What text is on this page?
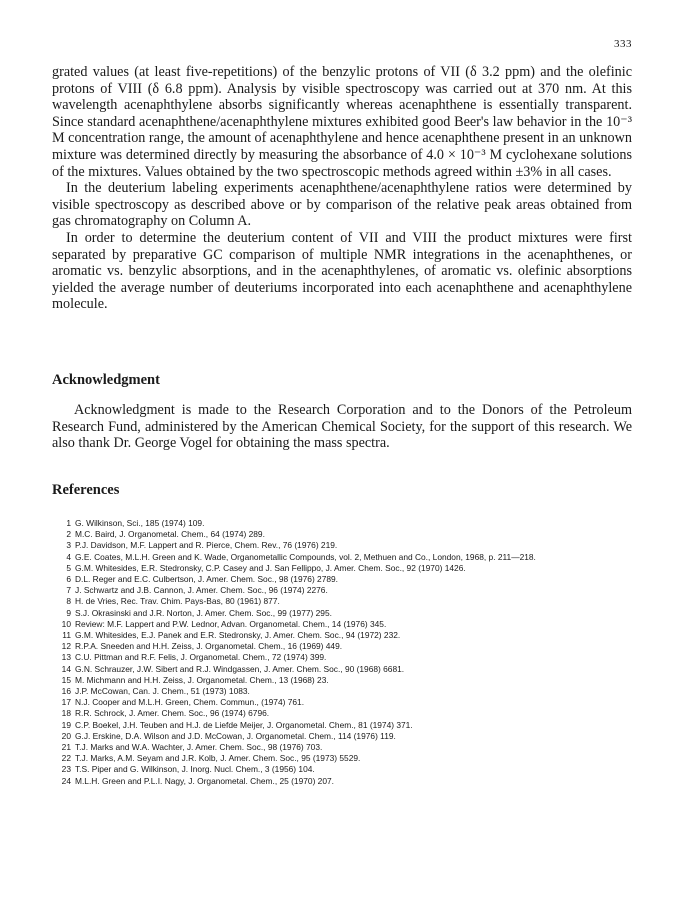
333

grated values (at least five-repetitions) of the benzylic protons of VII (δ 3.2 ppm) and the olefinic protons of VIII (δ 6.8 ppm). Analysis by visible spectroscopy was carried out at 370 nm. At this wavelength acenaphthylene absorbs significantly whereas acenaphthene is essentially transparent. Since standard acenaphthene/acenaphthylene mixtures exhibited good Beer's law behavior in the 10⁻³ M concentration range, the amount of acenaphthylene and hence acenaphthene present in an unknown mixture was determined directly by measuring the absorbance of 4.0 × 10⁻³ M cyclohexane solutions of the mixtures. Values obtained by the two spectroscopic methods agreed within ±3% in all cases.

In the deuterium labeling experiments acenaphthene/acenaphthylene ratios were determined by visible spectroscopy as described above or by comparison of the relative peak areas obtained from gas chromatography on Column A.

In order to determine the deuterium content of VII and VIII the product mixtures were first separated by preparative GC comparison of multiple NMR integrations in the acenaphthenes, or aromatic vs. benzylic absorptions, and in the acenaphthylenes, of aromatic vs. olefinic absorptions yielded the average number of deuteriums incorporated into each acenaphthene and acenaphthylene molecule.

Acknowledgment

Acknowledgment is made to the Research Corporation and to the Donors of the Petroleum Research Fund, administered by the American Chemical Society, for the support of this research. We also thank Dr. George Vogel for obtaining the mass spectra.

References
1 G. Wilkinson, Sci., 185 (1974) 109.
2 M.C. Baird, J. Organometal. Chem., 64 (1974) 289.
3 P.J. Davidson, M.F. Lappert and R. Pierce, Chem. Rev., 76 (1976) 219.
4 G.E. Coates, M.L.H. Green and K. Wade, Organometallic Compounds, vol. 2, Methuen and Co., London, 1968, p. 211—218.
5 G.M. Whitesides, E.R. Stedronsky, C.P. Casey and J. San Fellippo, J. Amer. Chem. Soc., 92 (1970) 1426.
6 D.L. Reger and E.C. Culbertson, J. Amer. Chem. Soc., 98 (1976) 2789.
7 J. Schwartz and J.B. Cannon, J. Amer. Chem. Soc., 96 (1974) 2276.
8 H. de Vries, Rec. Trav. Chim. Pays-Bas, 80 (1961) 877.
9 S.J. Okrasinski and J.R. Norton, J. Amer. Chem. Soc., 99 (1977) 295.
10 Review: M.F. Lappert and P.W. Lednor, Advan. Organometal. Chem., 14 (1976) 345.
11 G.M. Whitesides, E.J. Panek and E.R. Stedronsky, J. Amer. Chem. Soc., 94 (1972) 232.
12 R.P.A. Sneeden and H.H. Zeiss, J. Organometal. Chem., 16 (1969) 449.
13 C.U. Pittman and R.F. Felis, J. Organometal. Chem., 72 (1974) 399.
14 G.N. Schrauzer, J.W. Sibert and R.J. Windgassen, J. Amer. Chem. Soc., 90 (1968) 6681.
15 M. Michmann and H.H. Zeiss, J. Organometal. Chem., 13 (1968) 23.
16 J.P. McCowan, Can. J. Chem., 51 (1973) 1083.
17 N.J. Cooper and M.L.H. Green, Chem. Commun., (1974) 761.
18 R.R. Schrock, J. Amer. Chem. Soc., 96 (1974) 6796.
19 C.P. Boekel, J.H. Teuben and H.J. de Liefde Meijer, J. Organometal. Chem., 81 (1974) 371.
20 G.J. Erskine, D.A. Wilson and J.D. McCowan, J. Organometal. Chem., 114 (1976) 119.
21 T.J. Marks and W.A. Wachter, J. Amer. Chem. Soc., 98 (1976) 703.
22 T.J. Marks, A.M. Seyam and J.R. Kolb, J. Amer. Chem. Soc., 95 (1973) 5529.
23 T.S. Piper and G. Wilkinson, J. Inorg. Nucl. Chem., 3 (1956) 104.
24 M.L.H. Green and P.L.I. Nagy, J. Organometal. Chem., 25 (1970) 207.
